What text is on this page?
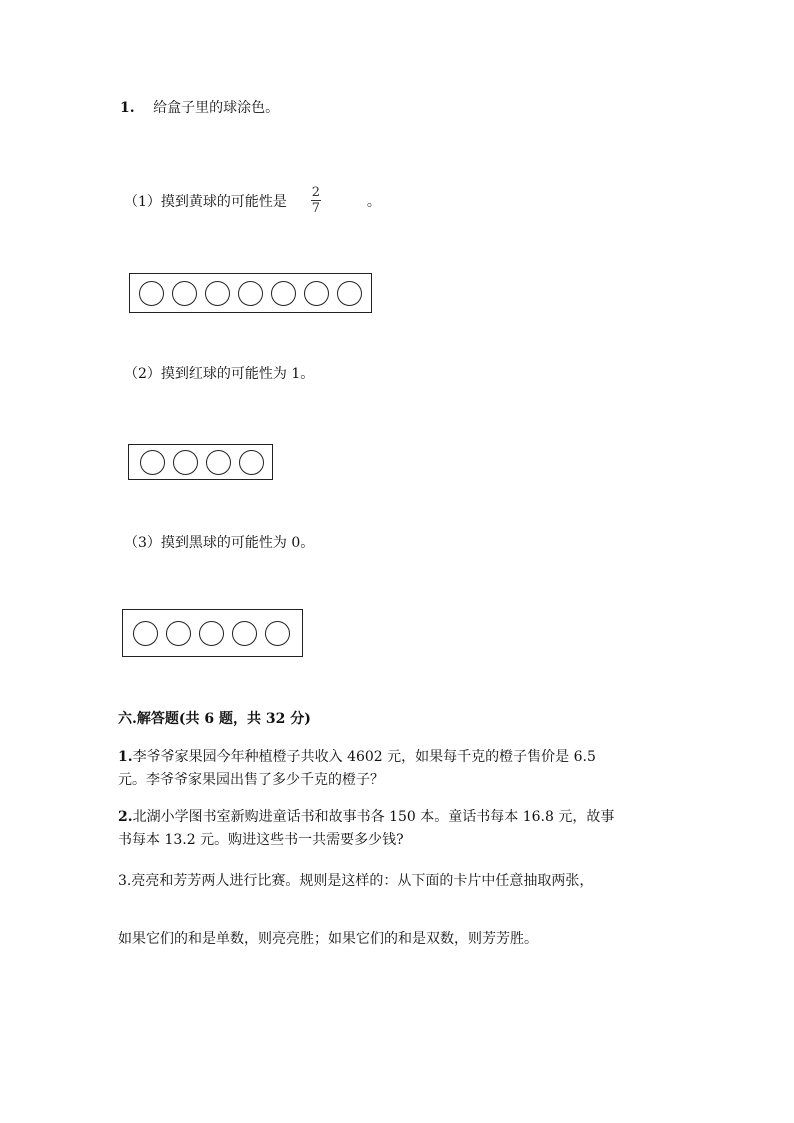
1. 给盒子里的球涂色。
（1）摸到黄球的可能性是 $\frac{2}{7}$	。
（2）摸到红球的可能性为 1。
（3）摸到黑球的可能性为 0。
六.解答题(共 6 题，共 32 分)
1.李爷爷家果园今年种植橙子共收入 4602 元，如果每千克的橙子售价是 6.5
元。李爷爷家果园出售了多少千克的橙子？
2.北湖小学图书室新购进童话书和故事书各 150 本。童话书每本 16.8 元，故事
书每本 13.2 元。购进这些书一共需要多少钱?
3.亮亮和芳芳两人进行比赛。规则是这样的：从下面的卡片中任意抽取两张，
如果它们的和是单数，则亮亮胜；如果它们的和是双数，则芳芳胜。
